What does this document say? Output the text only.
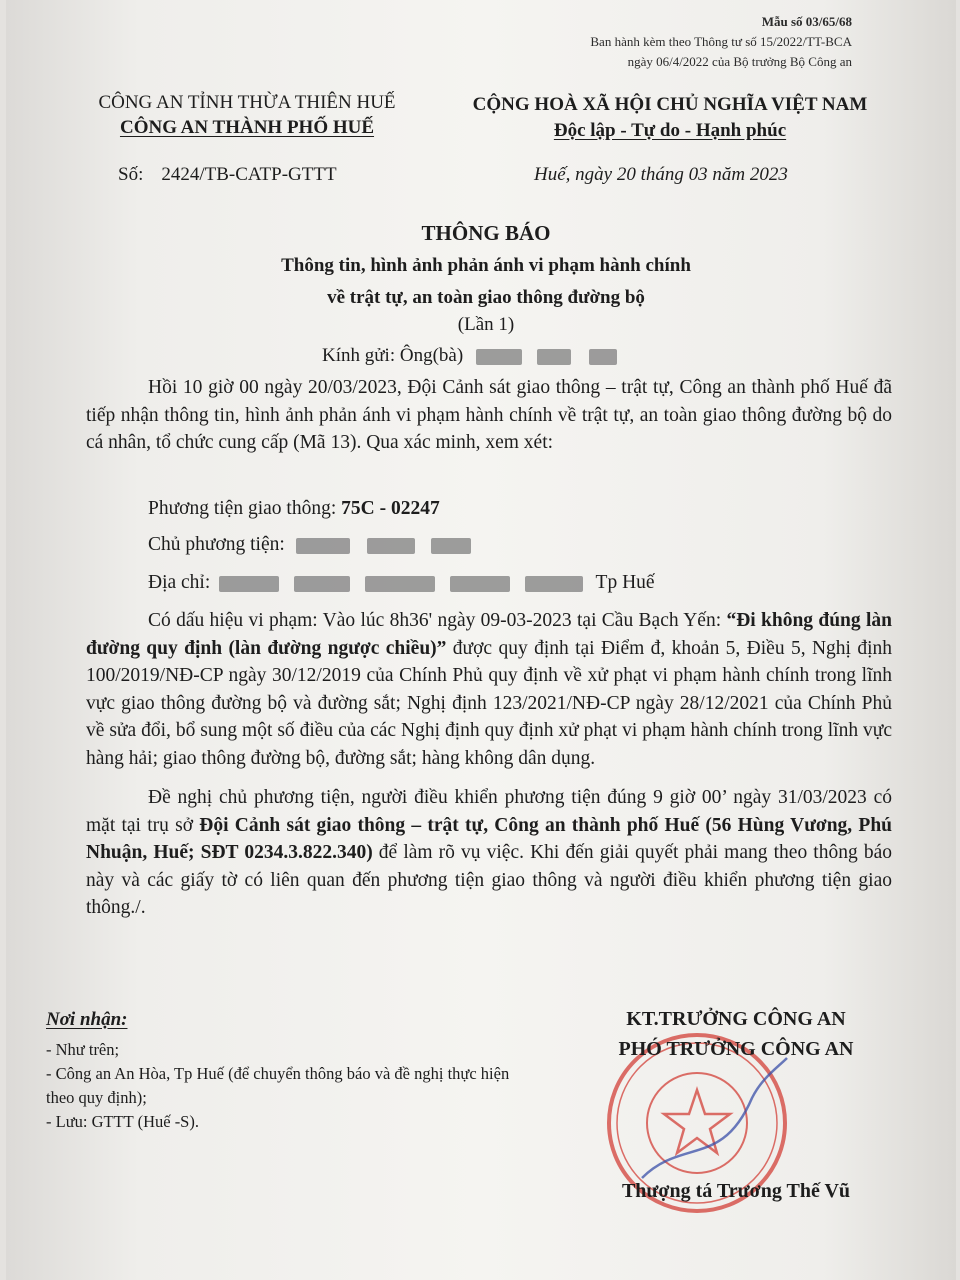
Mẫu số 03/65/68
Ban hành kèm theo Thông tư số 15/2022/TT-BCA
ngày 06/4/2022 của Bộ trưởng Bộ Công an
CÔNG AN TỈNH THỪA THIÊN HUẾ
CÔNG AN THÀNH PHỐ HUẾ
CỘNG HOÀ XÃ HỘI CHỦ NGHĨA VIỆT NAM
Độc lập - Tự do - Hạnh phúc
Số: 2424/TB-CATP-GTTT	Huế, ngày 20 tháng 03 năm 2023
THÔNG BÁO
Thông tin, hình ảnh phản ánh vi phạm hành chính
về trật tự, an toàn giao thông đường bộ
(Lần 1)
Kính gửi: Ông(bà)

Hồi 10 giờ 00 ngày 20/03/2023, Đội Cảnh sát giao thông – trật tự, Công an thành phố Huế đã tiếp nhận thông tin, hình ảnh phản ánh vi phạm hành chính về trật tự, an toàn giao thông đường bộ do cá nhân, tổ chức cung cấp (Mã 13). Qua xác minh, xem xét:

Phương tiện giao thông: 75C - 02247
Chủ phương tiện:
Địa chỉ:	Tp Huế

Có dấu hiệu vi phạm: Vào lúc 8h36' ngày 09-03-2023 tại Cầu Bạch Yến: “Đi không đúng làn đường quy định (làn đường ngược chiều)” được quy định tại Điểm đ, khoản 5, Điều 5, Nghị định 100/2019/NĐ-CP ngày 30/12/2019 của Chính Phủ quy định về xử phạt vi phạm hành chính trong lĩnh vực giao thông đường bộ và đường sắt; Nghị định 123/2021/NĐ-CP ngày 28/12/2021 của Chính Phủ về sửa đổi, bổ sung một số điều của các Nghị định quy định xử phạt vi phạm hành chính trong lĩnh vực hàng hải; giao thông đường bộ, đường sắt; hàng không dân dụng.

Đề nghị chủ phương tiện, người điều khiển phương tiện đúng 9 giờ 00’ ngày 31/03/2023 có mặt tại trụ sở Đội Cảnh sát giao thông – trật tự, Công an thành phố Huế (56 Hùng Vương, Phú Nhuận, Huế; SĐT 0234.3.822.340) để làm rõ vụ việc. Khi đến giải quyết phải mang theo thông báo này và các giấy tờ có liên quan đến phương tiện giao thông và người điều khiển phương tiện giao thông./.

Nơi nhận:
- Như trên;
- Công an An Hòa, Tp Huế (để chuyển thông báo và đề nghị thực hiện theo quy định);
- Lưu: GTTT (Huế -S).
KT.TRƯỞNG CÔNG AN
PHÓ TRƯỞNG CÔNG AN
Thượng tá Trương Thế Vũ
